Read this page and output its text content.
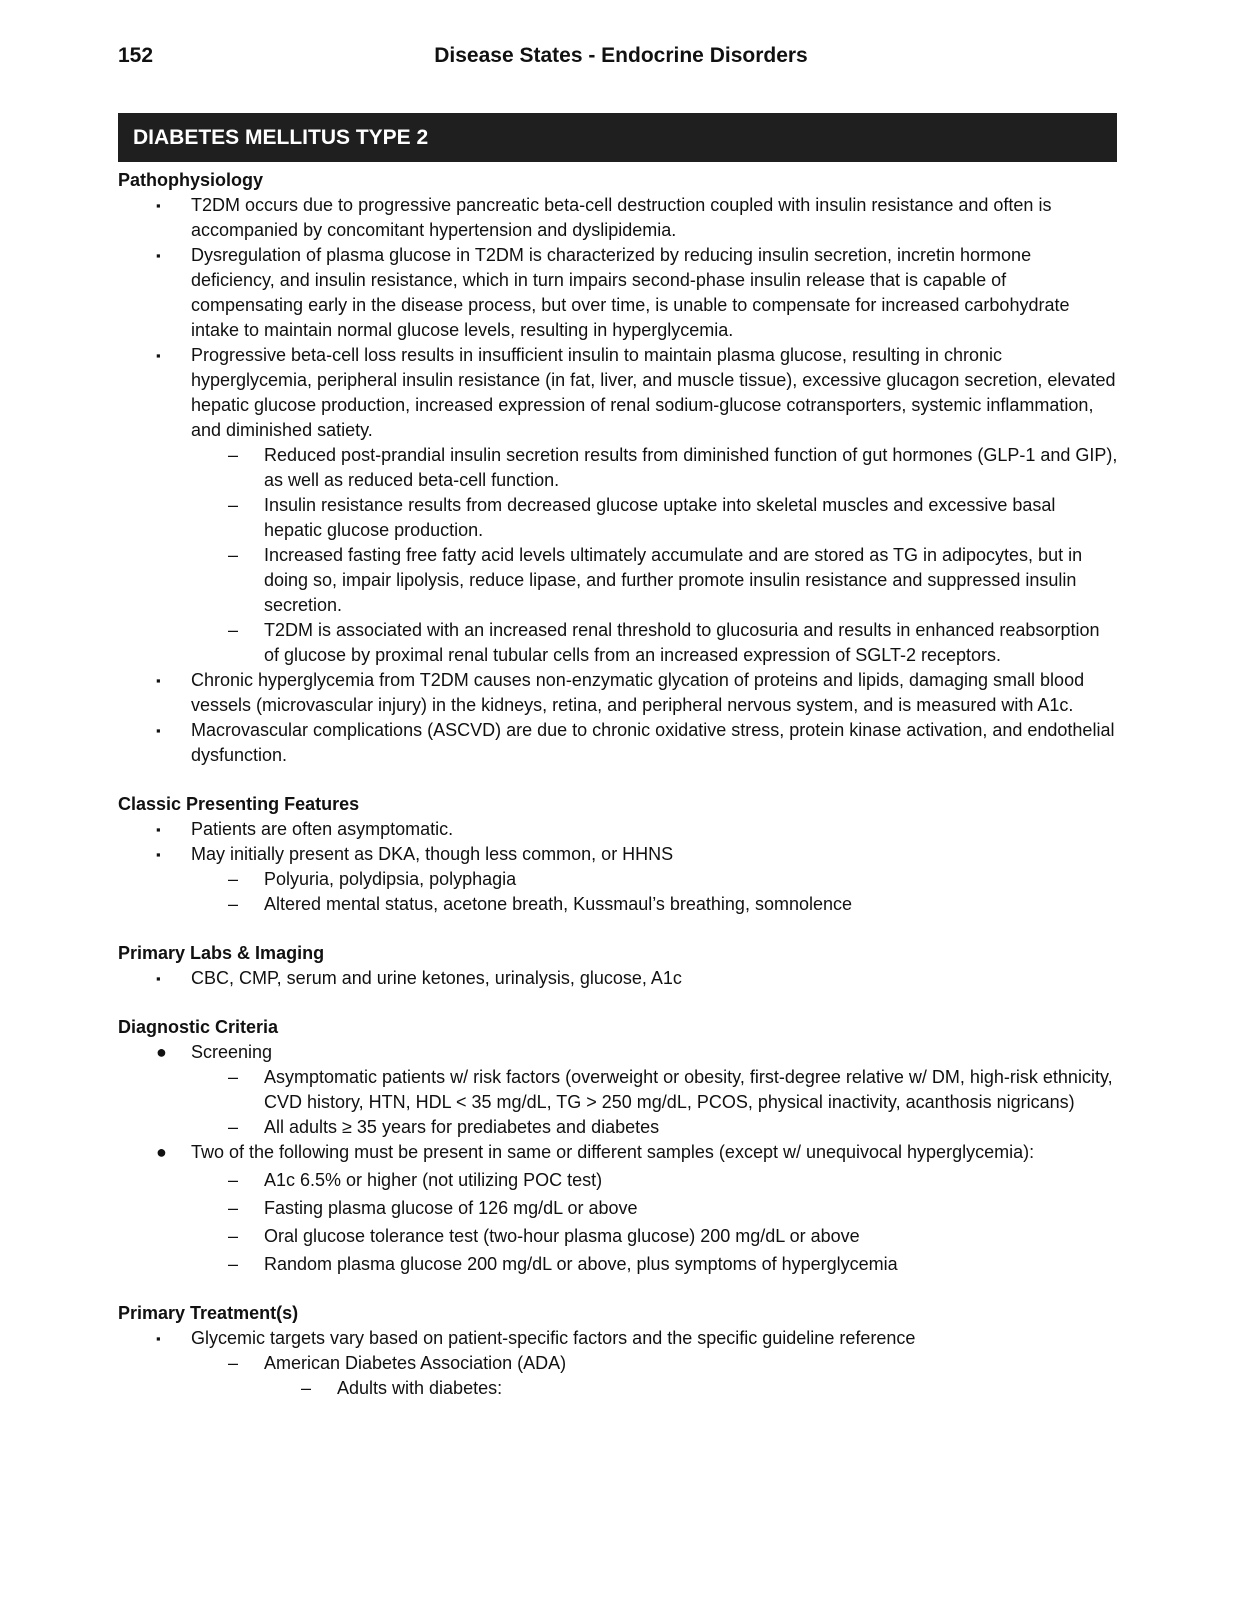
152	Disease States - Endocrine Disorders
DIABETES MELLITUS TYPE 2
Pathophysiology
▪ T2DM occurs due to progressive pancreatic beta-cell destruction coupled with insulin resistance and often is accompanied by concomitant hypertension and dyslipidemia.
▪ Dysregulation of plasma glucose in T2DM is characterized by reducing insulin secretion, incretin hormone deficiency, and insulin resistance, which in turn impairs second-phase insulin release that is capable of compensating early in the disease process, but over time, is unable to compensate for increased carbohydrate intake to maintain normal glucose levels, resulting in hyperglycemia.
▪ Progressive beta-cell loss results in insufficient insulin to maintain plasma glucose, resulting in chronic hyperglycemia, peripheral insulin resistance (in fat, liver, and muscle tissue), excessive glucagon secretion, elevated hepatic glucose production, increased expression of renal sodium-glucose cotransporters, systemic inflammation, and diminished satiety.
– Reduced post-prandial insulin secretion results from diminished function of gut hormones (GLP-1 and GIP), as well as reduced beta-cell function.
– Insulin resistance results from decreased glucose uptake into skeletal muscles and excessive basal hepatic glucose production.
– Increased fasting free fatty acid levels ultimately accumulate and are stored as TG in adipocytes, but in doing so, impair lipolysis, reduce lipase, and further promote insulin resistance and suppressed insulin secretion.
– T2DM is associated with an increased renal threshold to glucosuria and results in enhanced reabsorption of glucose by proximal renal tubular cells from an increased expression of SGLT-2 receptors.
▪ Chronic hyperglycemia from T2DM causes non-enzymatic glycation of proteins and lipids, damaging small blood vessels (microvascular injury) in the kidneys, retina, and peripheral nervous system, and is measured with A1c.
▪ Macrovascular complications (ASCVD) are due to chronic oxidative stress, protein kinase activation, and endothelial dysfunction.
Classic Presenting Features
▪ Patients are often asymptomatic.
▪ May initially present as DKA, though less common, or HHNS
– Polyuria, polydipsia, polyphagia
– Altered mental status, acetone breath, Kussmaul’s breathing, somnolence
Primary Labs & Imaging
▪ CBC, CMP, serum and urine ketones, urinalysis, glucose, A1c
Diagnostic Criteria
● Screening
– Asymptomatic patients w/ risk factors (overweight or obesity, first-degree relative w/ DM, high-risk ethnicity, CVD history, HTN, HDL < 35 mg/dL, TG > 250 mg/dL, PCOS, physical inactivity, acanthosis nigricans)
– All adults ≥ 35 years for prediabetes and diabetes
● Two of the following must be present in same or different samples (except w/ unequivocal hyperglycemia):
– A1c 6.5% or higher (not utilizing POC test)
– Fasting plasma glucose of 126 mg/dL or above
– Oral glucose tolerance test (two-hour plasma glucose) 200 mg/dL or above
– Random plasma glucose 200 mg/dL or above, plus symptoms of hyperglycemia
Primary Treatment(s)
▪ Glycemic targets vary based on patient-specific factors and the specific guideline reference
– American Diabetes Association (ADA)
– Adults with diabetes:
